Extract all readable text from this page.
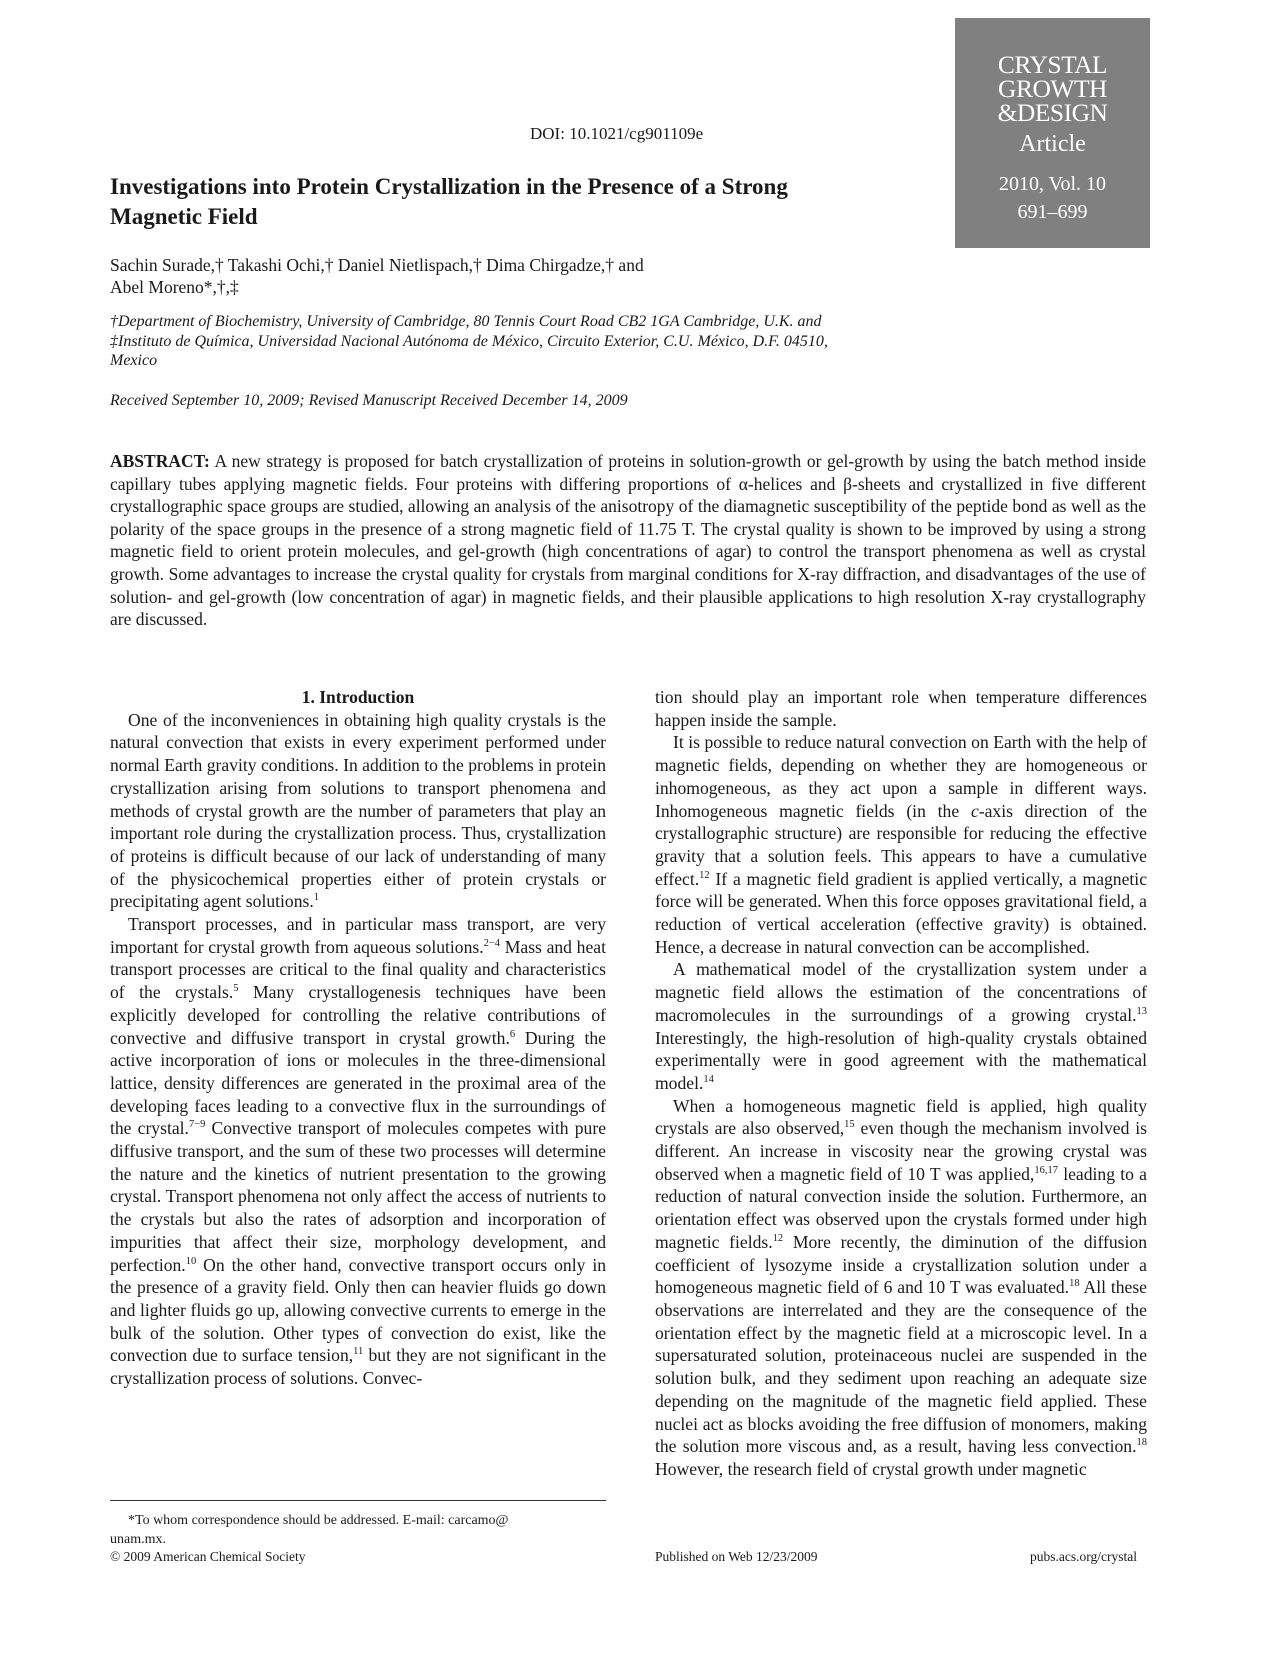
CRYSTAL
GROWTH
&DESIGN
Article
2010, Vol. 10
691–699
DOI: 10.1021/cg901109e
Investigations into Protein Crystallization in the Presence of a Strong Magnetic Field
Sachin Surade,† Takashi Ochi,† Daniel Nietlispach,† Dima Chirgadze,† and
Abel Moreno*,†,‡
†Department of Biochemistry, University of Cambridge, 80 Tennis Court Road CB2 1GA Cambridge, U.K. and ‡Instituto de Química, Universidad Nacional Autónoma de México, Circuito Exterior, C.U. México, D.F. 04510, Mexico
Received September 10, 2009; Revised Manuscript Received December 14, 2009
ABSTRACT: A new strategy is proposed for batch crystallization of proteins in solution-growth or gel-growth by using the batch method inside capillary tubes applying magnetic fields. Four proteins with differing proportions of α-helices and β-sheets and crystallized in five different crystallographic space groups are studied, allowing an analysis of the anisotropy of the diamagnetic susceptibility of the peptide bond as well as the polarity of the space groups in the presence of a strong magnetic field of 11.75 T. The crystal quality is shown to be improved by using a strong magnetic field to orient protein molecules, and gel-growth (high concentrations of agar) to control the transport phenomena as well as crystal growth. Some advantages to increase the crystal quality for crystals from marginal conditions for X-ray diffraction, and disadvantages of the use of solution- and gel-growth (low concentration of agar) in magnetic fields, and their plausible applications to high resolution X-ray crystallography are discussed.

1. Introduction

One of the inconveniences in obtaining high quality crystals is the natural convection that exists in every experiment performed under normal Earth gravity conditions. In addition to the problems in protein crystallization arising from solutions to transport phenomena and methods of crystal growth are the number of parameters that play an important role during the crystallization process. Thus, crystallization of proteins is difficult because of our lack of understanding of many of the physicochemical properties either of protein crystals or precipitating agent solutions.$^1$

Transport processes, and in particular mass transport, are very important for crystal growth from aqueous solutions.$^{2-4}$ Mass and heat transport processes are critical to the final quality and characteristics of the crystals.$^5$ Many crystallogenesis techniques have been explicitly developed for controlling the relative contributions of convective and diffusive transport in crystal growth.$^6$ During the active incorporation of ions or molecules in the three-dimensional lattice, density differences are generated in the proximal area of the developing faces leading to a convective flux in the surroundings of the crystal.$^{7-9}$ Convective transport of molecules competes with pure diffusive transport, and the sum of these two processes will determine the nature and the kinetics of nutrient presentation to the growing crystal. Transport phenomena not only affect the access of nutrients to the crystals but also the rates of adsorption and incorporation of impurities that affect their size, morphology development, and perfection.$^{10}$ On the other hand, convective transport occurs only in the presence of a gravity field. Only then can heavier fluids go down and lighter fluids go up, allowing convective currents to emerge in the bulk of the solution. Other types of convection do exist, like the convection due to surface tension,$^{11}$ but they are not significant in the crystallization process of solutions. Convec-

tion should play an important role when temperature differences happen inside the sample.

It is possible to reduce natural convection on Earth with the help of magnetic fields, depending on whether they are homogeneous or inhomogeneous, as they act upon a sample in different ways. Inhomogeneous magnetic fields (in the c-axis direction of the crystallographic structure) are responsible for reducing the effective gravity that a solution feels. This appears to have a cumulative effect.$^{12}$ If a magnetic field gradient is applied vertically, a magnetic force will be generated. When this force opposes gravitational field, a reduction of vertical acceleration (effective gravity) is obtained. Hence, a decrease in natural convection can be accomplished.

A mathematical model of the crystallization system under a magnetic field allows the estimation of the concentrations of macromolecules in the surroundings of a growing crystal.$^{13}$ Interestingly, the high-resolution of high-quality crystals obtained experimentally were in good agreement with the mathematical model.$^{14}$

When a homogeneous magnetic field is applied, high quality crystals are also observed,$^{15}$ even though the mechanism involved is different. An increase in viscosity near the growing crystal was observed when a magnetic field of 10 T was applied,$^{16,17}$ leading to a reduction of natural convection inside the solution. Furthermore, an orientation effect was observed upon the crystals formed under high magnetic fields.$^{12}$ More recently, the diminution of the diffusion coefficient of lysozyme inside a crystallization solution under a homogeneous magnetic field of 6 and 10 T was evaluated.$^{18}$ All these observations are interrelated and they are the consequence of the orientation effect by the magnetic field at a microscopic level. In a supersaturated solution, proteinaceous nuclei are suspended in the solution bulk, and they sediment upon reaching an adequate size depending on the magnitude of the magnetic field applied. These nuclei act as blocks avoiding the free diffusion of monomers, making the solution more viscous and, as a result, having less convection.$^{18}$ However, the research field of crystal growth under magnetic

*To whom correspondence should be addressed. E-mail: carcamo@
unam.mx.
© 2009 American Chemical Society	Published on Web 12/23/2009	pubs.acs.org/crystal
